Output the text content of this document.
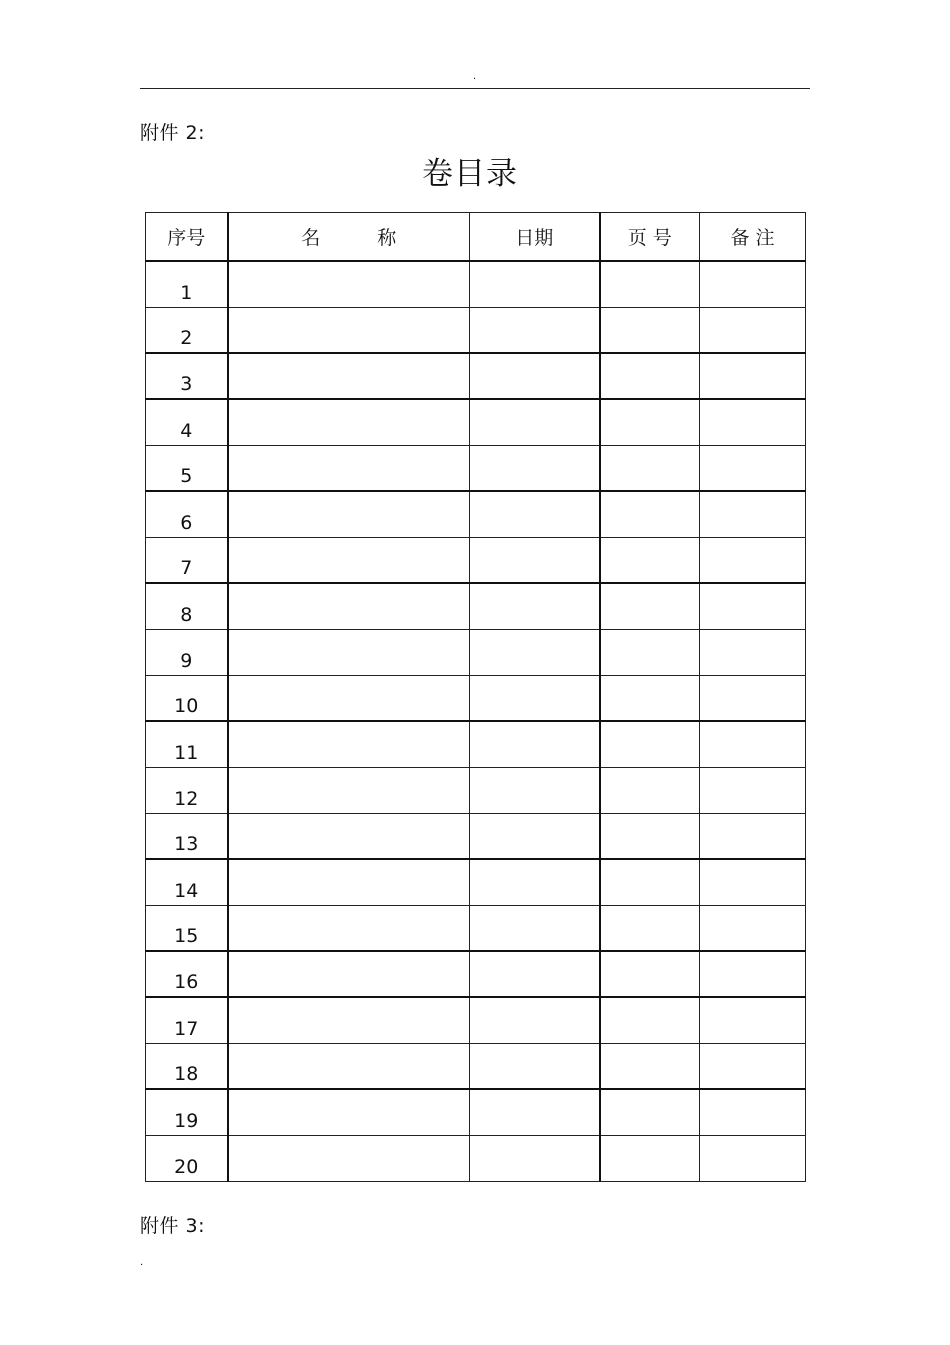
.
附件 2:
卷目录
序号	名　　　称	日期	页 号	备 注
1				
2				
3				
4				
5				
6				
7				
8				
9				
10				
11				
12				
13				
14				
15				
16				
17				
18				
19				
20				
附件 3:
.
